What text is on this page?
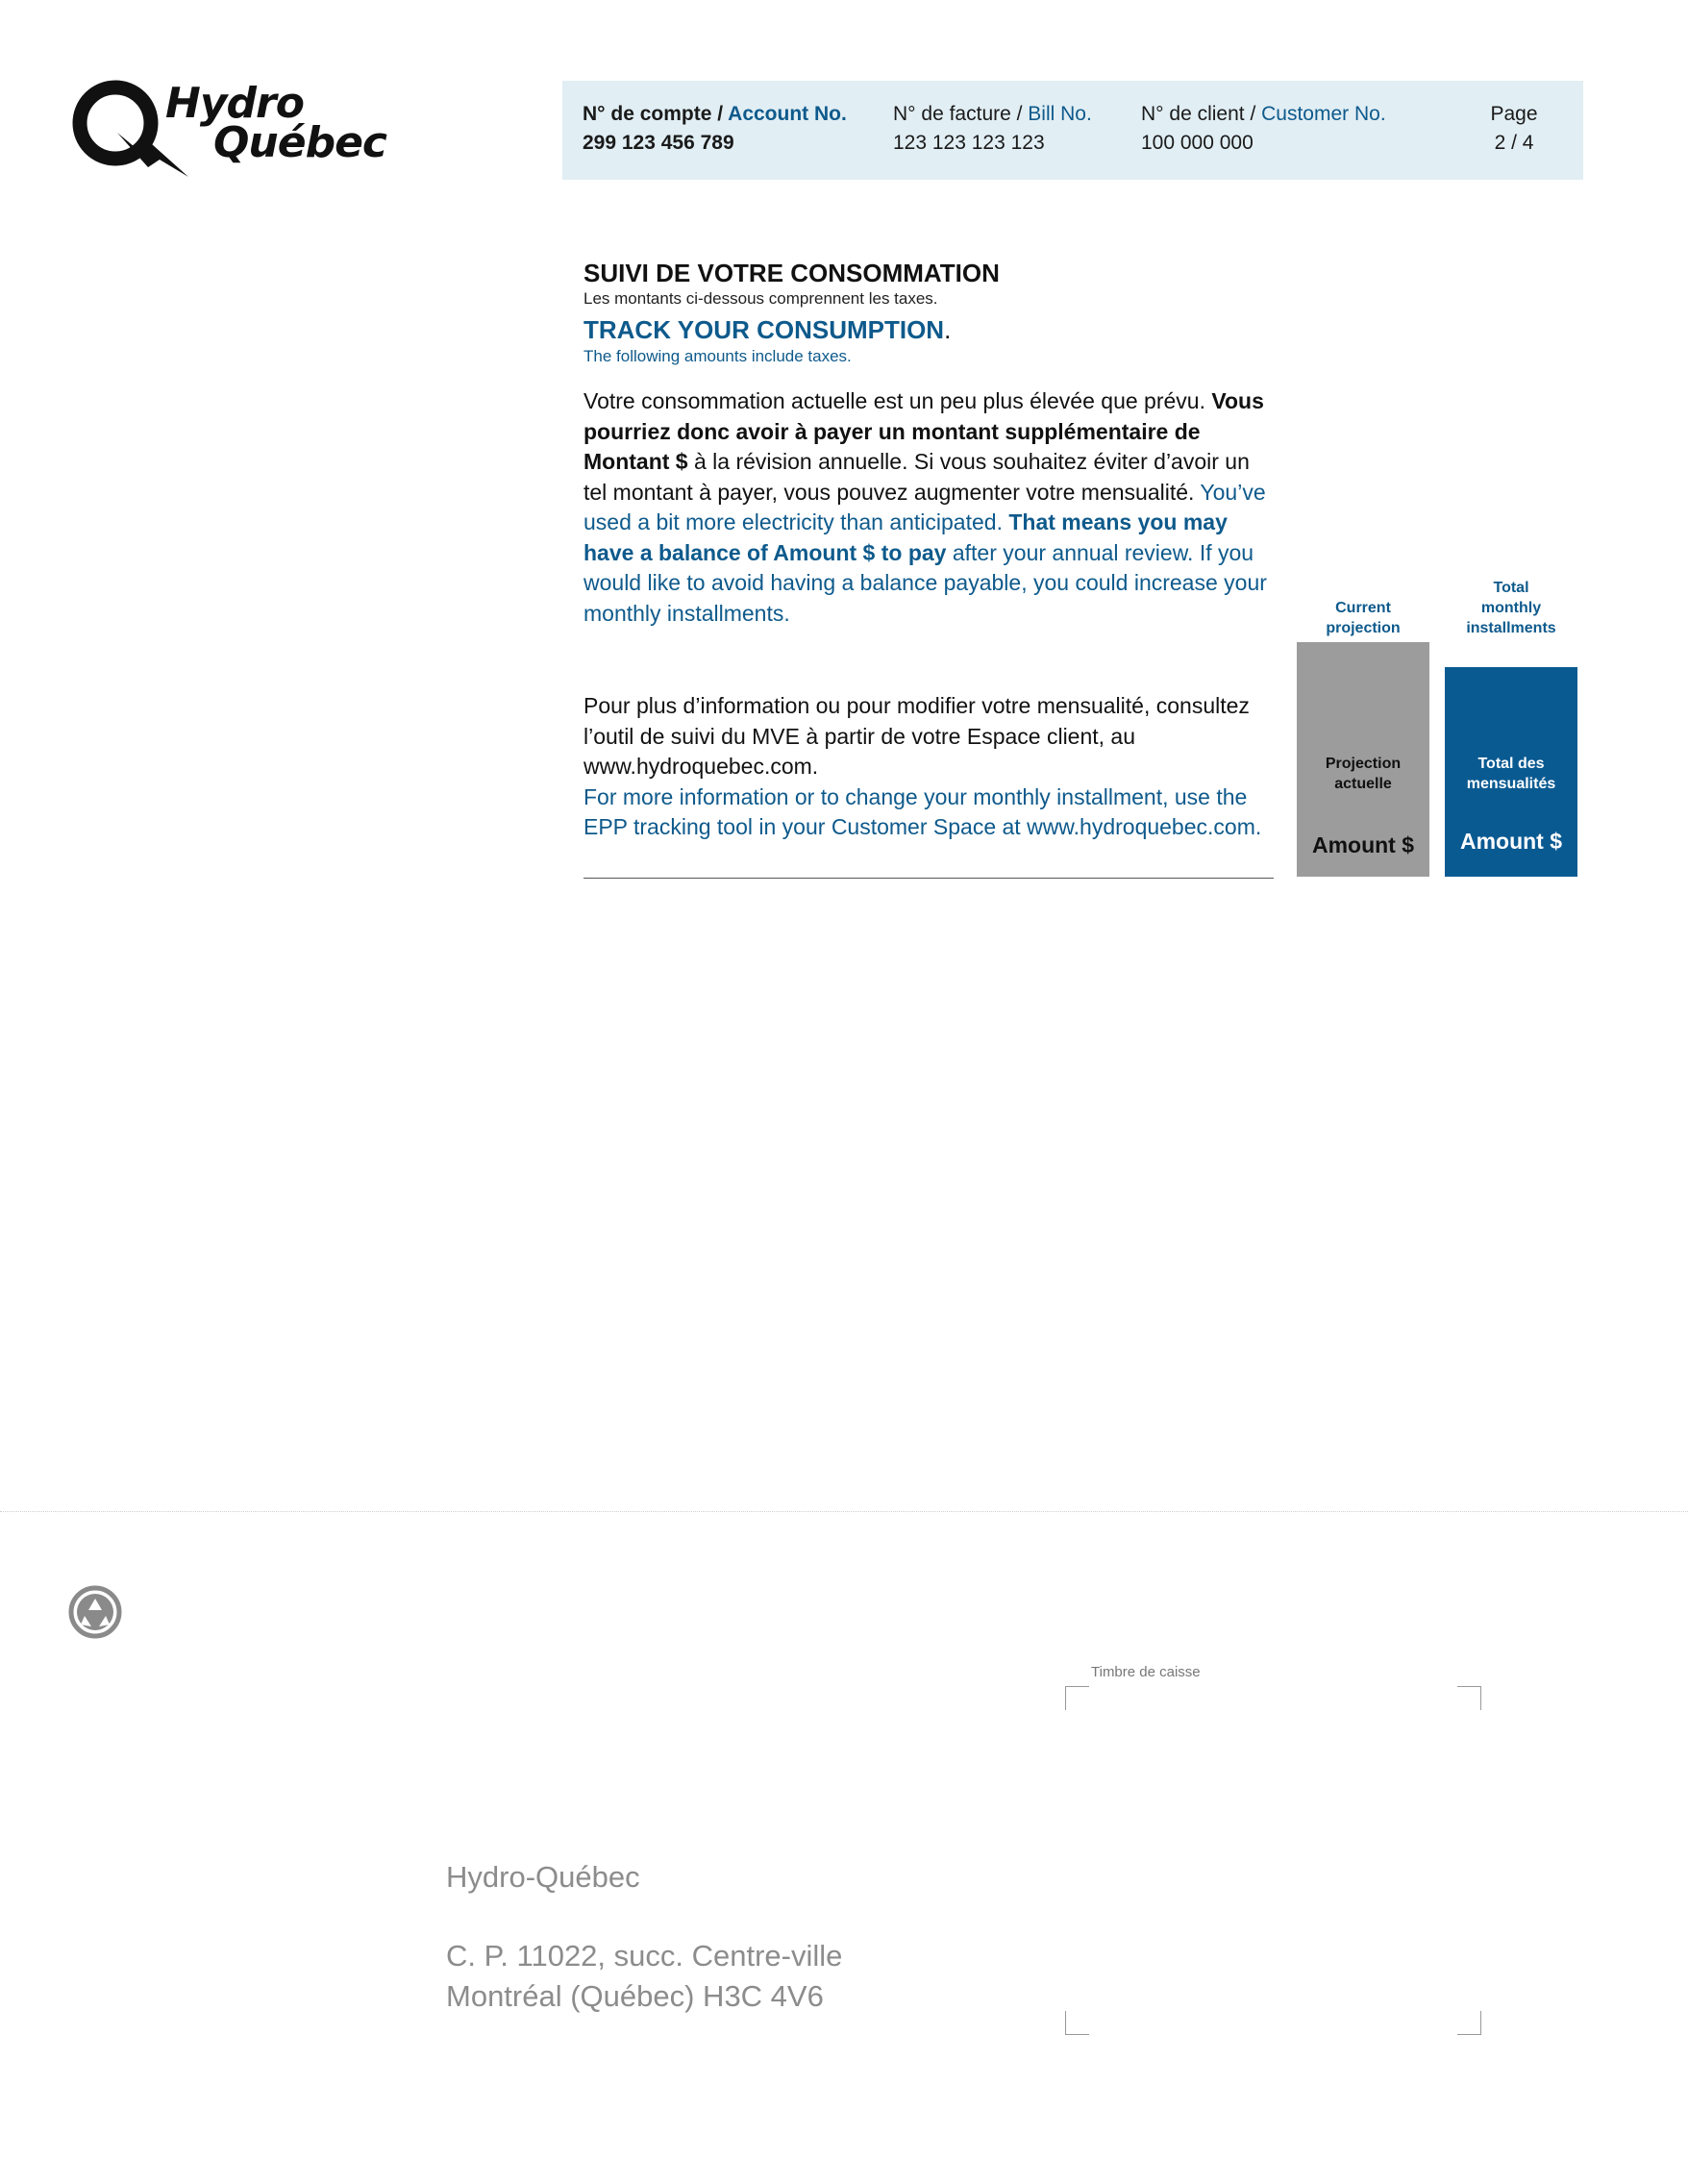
Hydro
Québec
N° de compte / Account No.
299 123 456 789
N° de facture / Bill No.
123 123 123 123
N° de client / Customer No.
100 000 000
Page
2 / 4
SUIVI DE VOTRE CONSOMMATION
Les montants ci-dessous comprennent les taxes.
TRACK YOUR CONSUMPTION.
The following amounts include taxes.
Votre consommation actuelle est un peu plus élevée que prévu. Vous pourriez donc avoir à payer un montant supplémentaire de Montant $ à la révision annuelle. Si vous souhaitez éviter d’avoir un tel montant à payer, vous pouvez augmenter votre mensualité. You’ve used a bit more electricity than anticipated. That means you may have a balance of Amount $ to pay after your annual review. If you would like to avoid having a balance payable, you could increase your monthly installments.
Pour plus d’information ou pour modifier votre mensualité, consultez l’outil de suivi du MVE à partir de votre Espace client, au www.hydroquebec.com.
For more information or to change your monthly installment, use the EPP tracking tool in your Customer Space at www.hydroquebec.com.
Current
projection
Total
monthly
installments
Projection
actuelle
Amount $
Total des
mensualités
Amount $
Timbre de caisse
Hydro-Québec
C. P. 11022, succ. Centre-ville
Montréal (Québec) H3C 4V6
